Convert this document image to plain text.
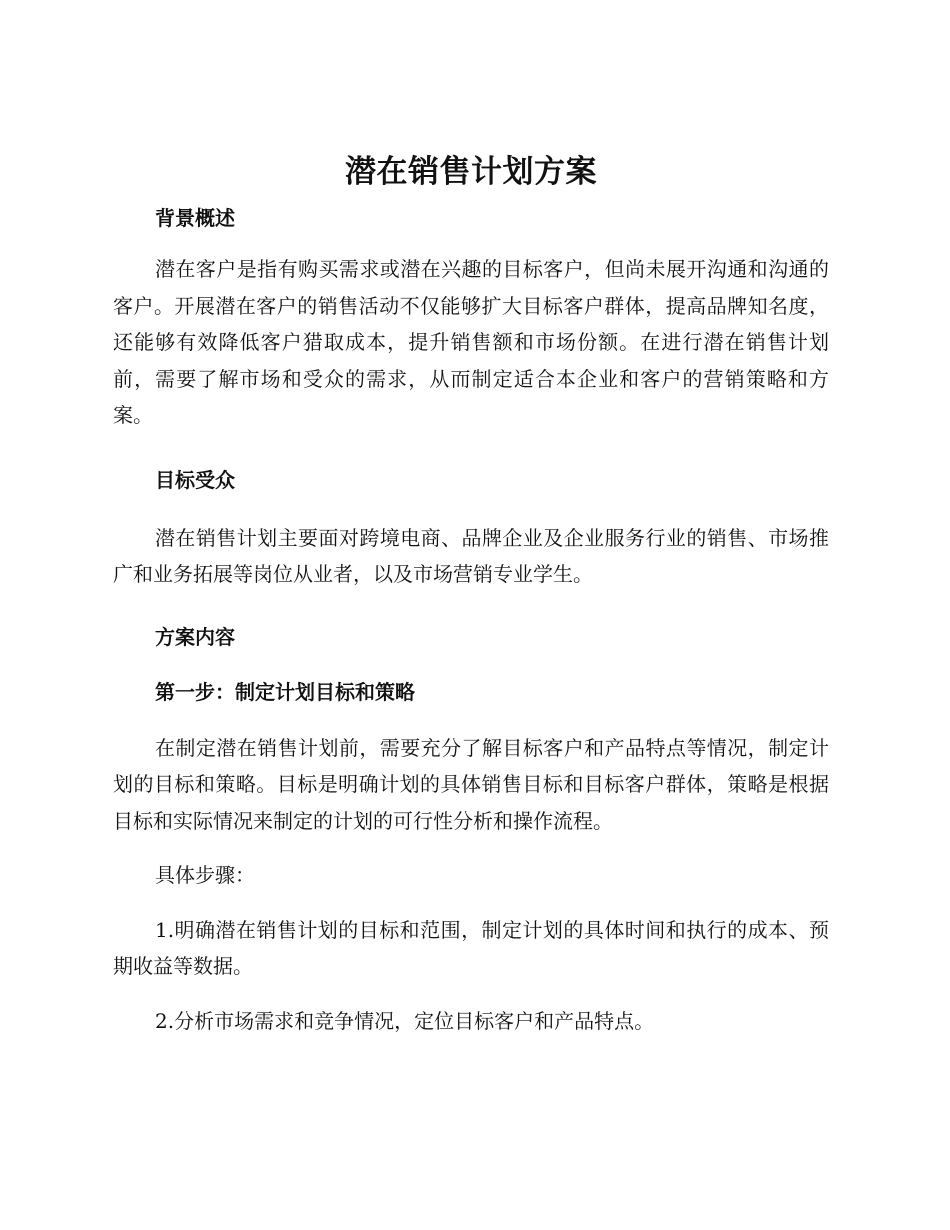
潜在销售计划方案
背景概述

潜在客户是指有购买需求或潜在兴趣的目标客户，但尚未展开沟通和沟通的客户。开展潜在客户的销售活动不仅能够扩大目标客户群体，提高品牌知名度，还能够有效降低客户猎取成本，提升销售额和市场份额。在进行潜在销售计划前，需要了解市场和受众的需求，从而制定适合本企业和客户的营销策略和方案。

目标受众

潜在销售计划主要面对跨境电商、品牌企业及企业服务行业的销售、市场推广和业务拓展等岗位从业者，以及市场营销专业学生。

方案内容
第一步：制定计划目标和策略

在制定潜在销售计划前，需要充分了解目标客户和产品特点等情况，制定计划的目标和策略。目标是明确计划的具体销售目标和目标客户群体，策略是根据目标和实际情况来制定的计划的可行性分析和操作流程。

具体步骤：

1.明确潜在销售计划的目标和范围，制定计划的具体时间和执行的成本、预期收益等数据。

2.分析市场需求和竞争情况，定位目标客户和产品特点。
